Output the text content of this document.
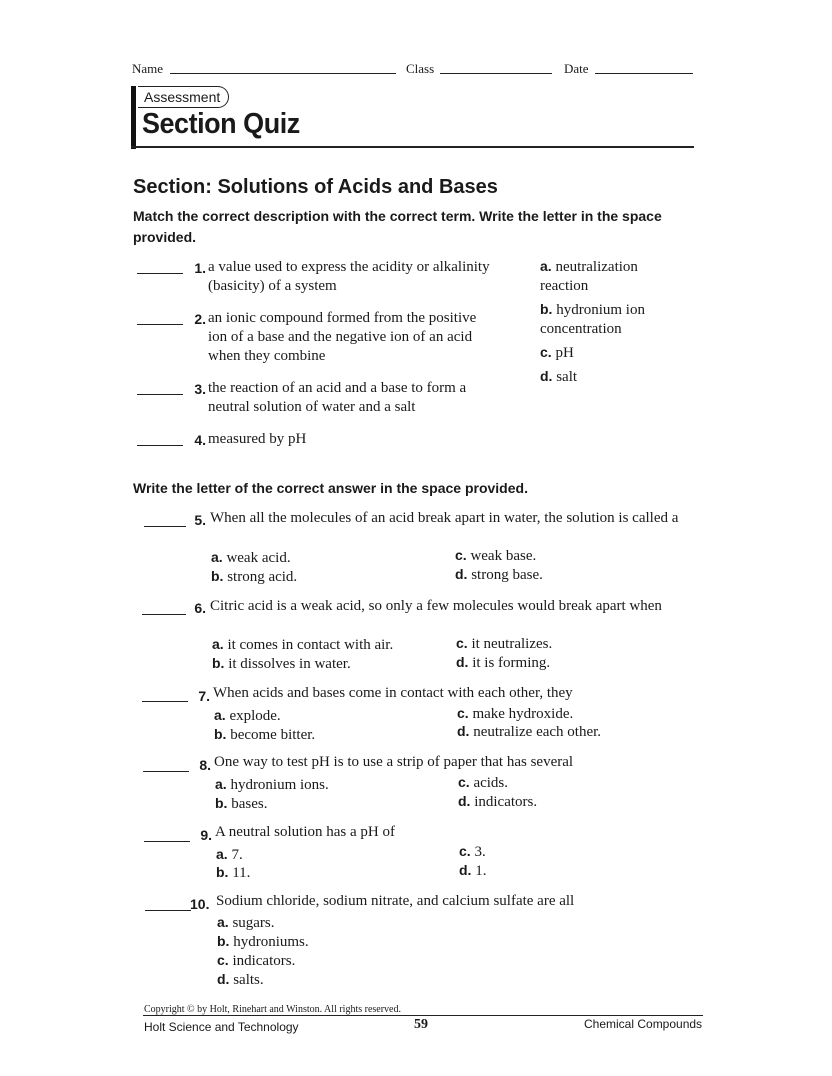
Name	Class	Date
Assessment
Section Quiz
Section: Solutions of Acids and Bases
Match the correct description with the correct term. Write the letter in the space provided.
1. a value used to express the acidity or alkalinity (basicity) of a system
2. an ionic compound formed from the positive ion of a base and the negative ion of an acid when they combine
3. the reaction of an acid and a base to form a neutral solution of water and a salt
4. measured by pH
a. neutralization reaction
b. hydronium ion concentration
c. pH
d. salt
Write the letter of the correct answer in the space provided.
5. When all the molecules of an acid break apart in water, the solution is called a
a. weak acid.
b. strong acid.
c. weak base.
d. strong base.
6. Citric acid is a weak acid, so only a few molecules would break apart when
a. it comes in contact with air.
b. it dissolves in water.
c. it neutralizes.
d. it is forming.
7. When acids and bases come in contact with each other, they
a. explode.
b. become bitter.
c. make hydroxide.
d. neutralize each other.
8. One way to test pH is to use a strip of paper that has several
a. hydronium ions.
b. bases.
c. acids.
d. indicators.
9. A neutral solution has a pH of
a. 7.
b. 11.
c. 3.
d. 1.
10. Sodium chloride, sodium nitrate, and calcium sulfate are all
a. sugars.
b. hydroniums.
c. indicators.
d. salts.
Copyright © by Holt, Rinehart and Winston. All rights reserved.
Holt Science and Technology	59	Chemical Compounds
